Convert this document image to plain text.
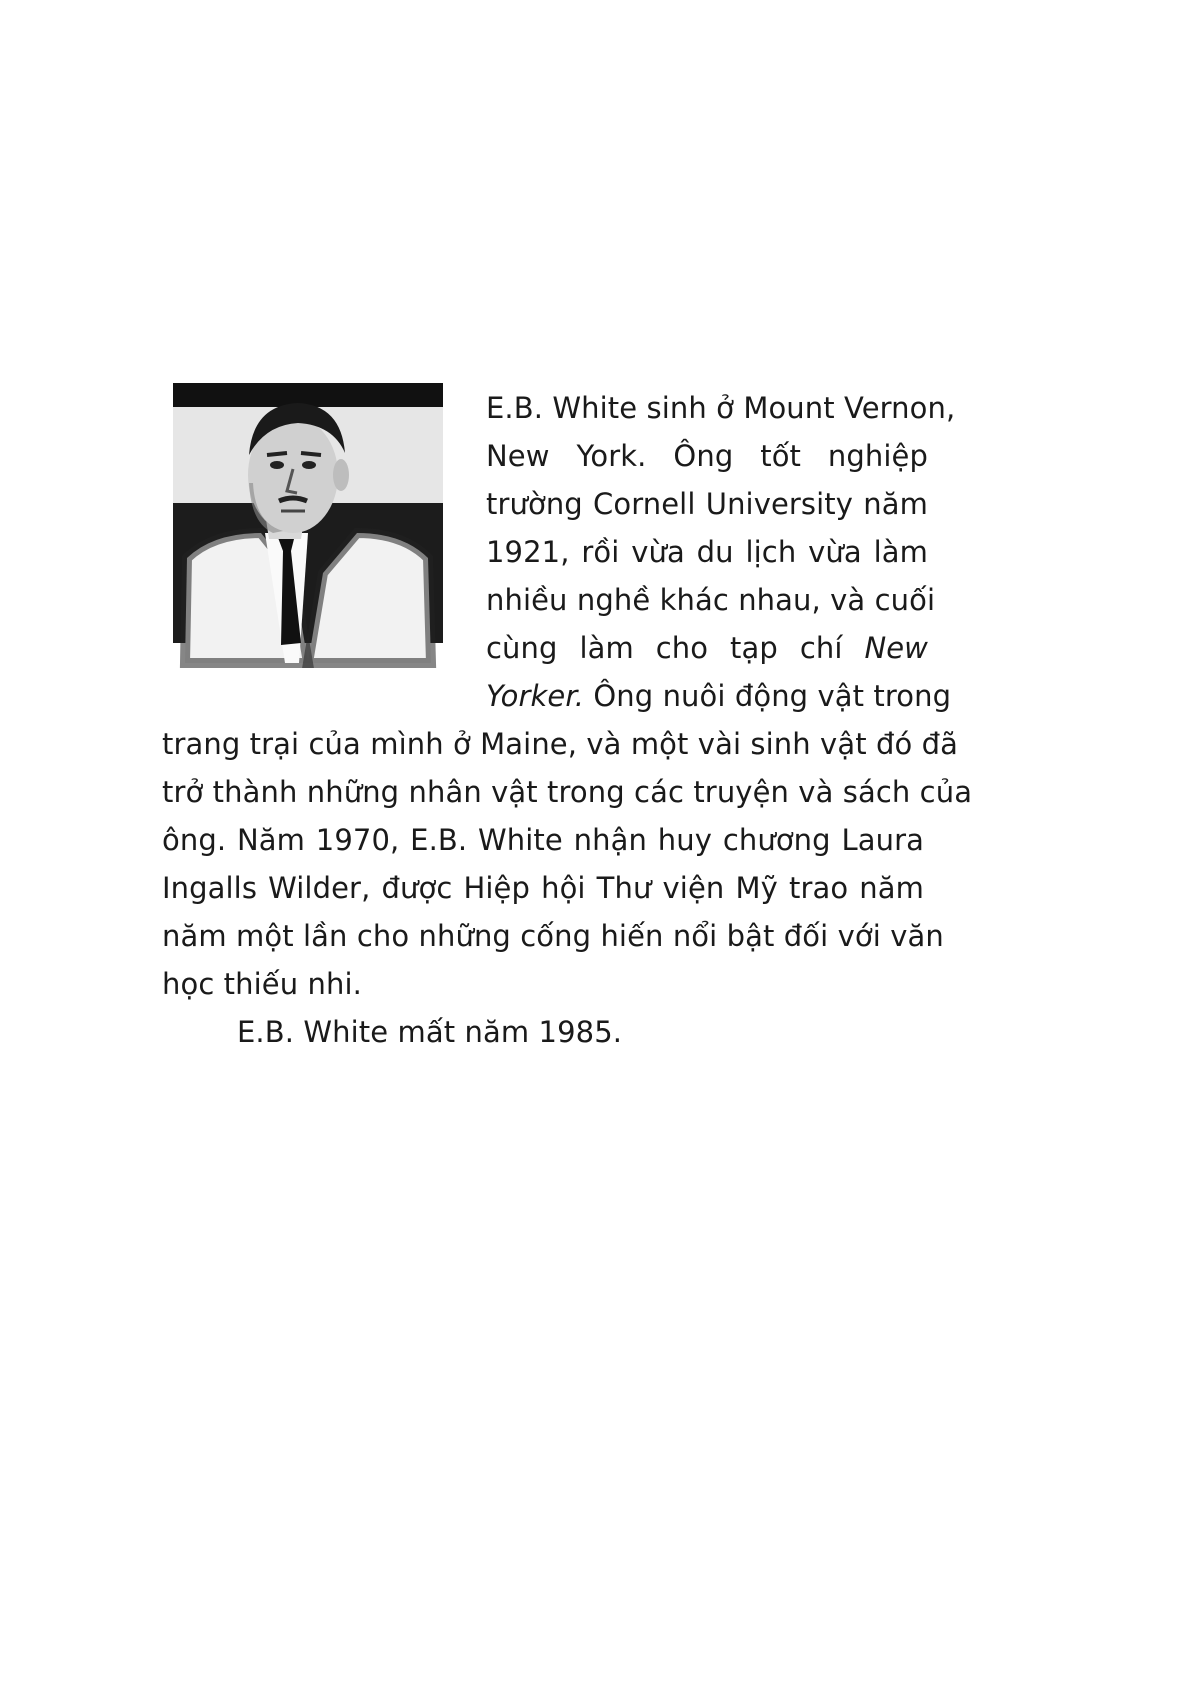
E.B. White sinh ở Mount Vernon,

New York. Ông tốt nghiệp

trường Cornell University năm

1921, rồi vừa du lịch vừa làm

nhiều nghề khác nhau, và cuối

cùng làm cho tạp chí New

Yorker. Ông nuôi động vật trong

trang trại của mình ở Maine, và một vài sinh vật đó đã

trở thành những nhân vật trong các truyện và sách của

ông. Năm 1970, E.B. White nhận huy chương Laura

Ingalls Wilder, được Hiệp hội Thư viện Mỹ trao năm

năm một lần cho những cống hiến nổi bật đối với văn

học thiếu nhi.

E.B. White mất năm 1985.
